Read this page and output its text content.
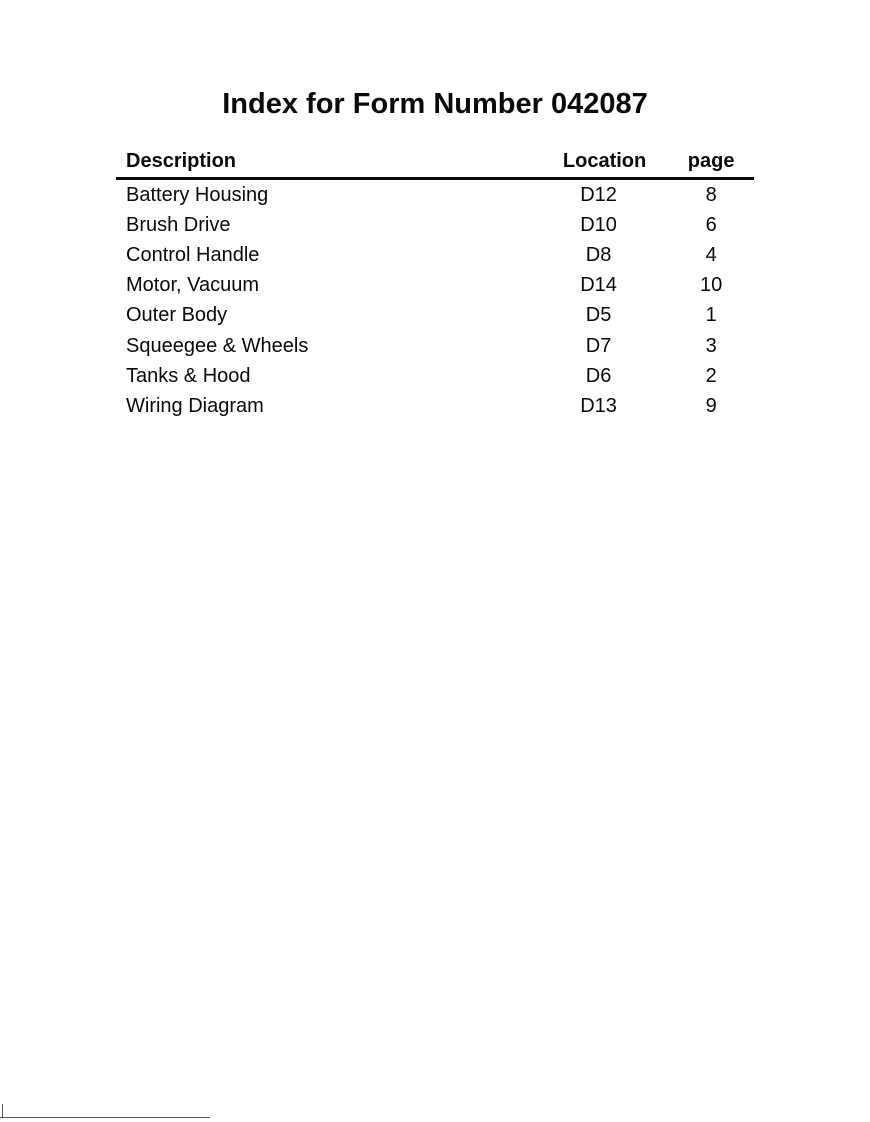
Index for Form Number 042087
Description	Location	page
Battery Housing	D12	8
Brush Drive	D10	6
Control Handle	D8	4
Motor, Vacuum	D14	10
Outer Body	D5	1
Squeegee & Wheels	D7	3
Tanks & Hood	D6	2
Wiring Diagram	D13	9
